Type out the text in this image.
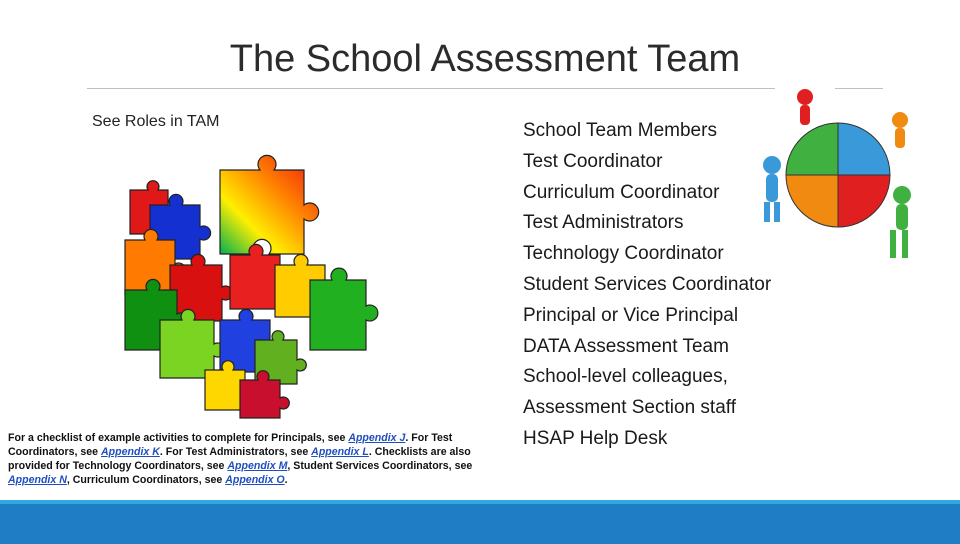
The School Assessment Team
See Roles in TAM
For a checklist of example activities to complete for Principals, see Appendix J. For Test Coordinators, see Appendix K. For Test Administrators, see Appendix L. Checklists are also provided for Technology Coordinators, see Appendix M, Student Services Coordinators, see Appendix N, Curriculum Coordinators, see Appendix O.
School Team Members
Test Coordinator
Curriculum Coordinator
Test Administrators
Technology Coordinator
Student Services Coordinator
Principal or Vice Principal
DATA Assessment Team
School-level colleagues,
Assessment Section staff
HSAP Help Desk
